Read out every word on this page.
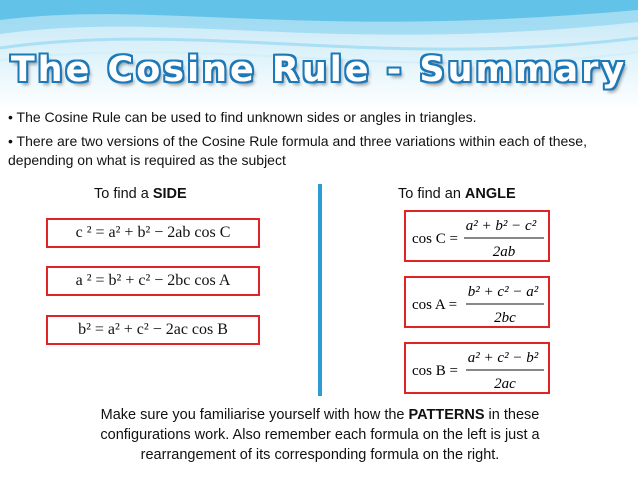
The Cosine Rule - Summary

• The Cosine Rule can be used to find unknown sides or angles in triangles.

• There are two versions of the Cosine Rule formula and three variations within each of these, depending on what is required as the subject

To find a SIDE	To find an ANGLE
c ² = a² + b² − 2ab cos C
a ² = b² + c² − 2bc cos A
b² = a² + c² − 2ac cos B
cos C =
a² + b² − c²
2ab
cos A =
b² + c² − a²
2bc
cos B =
a² + c² − b²
2ac
Make sure you familiarise yourself with how the PATTERNS in these configurations work. Also remember each formula on the left is just a rearrangement of its corresponding formula on the right.
